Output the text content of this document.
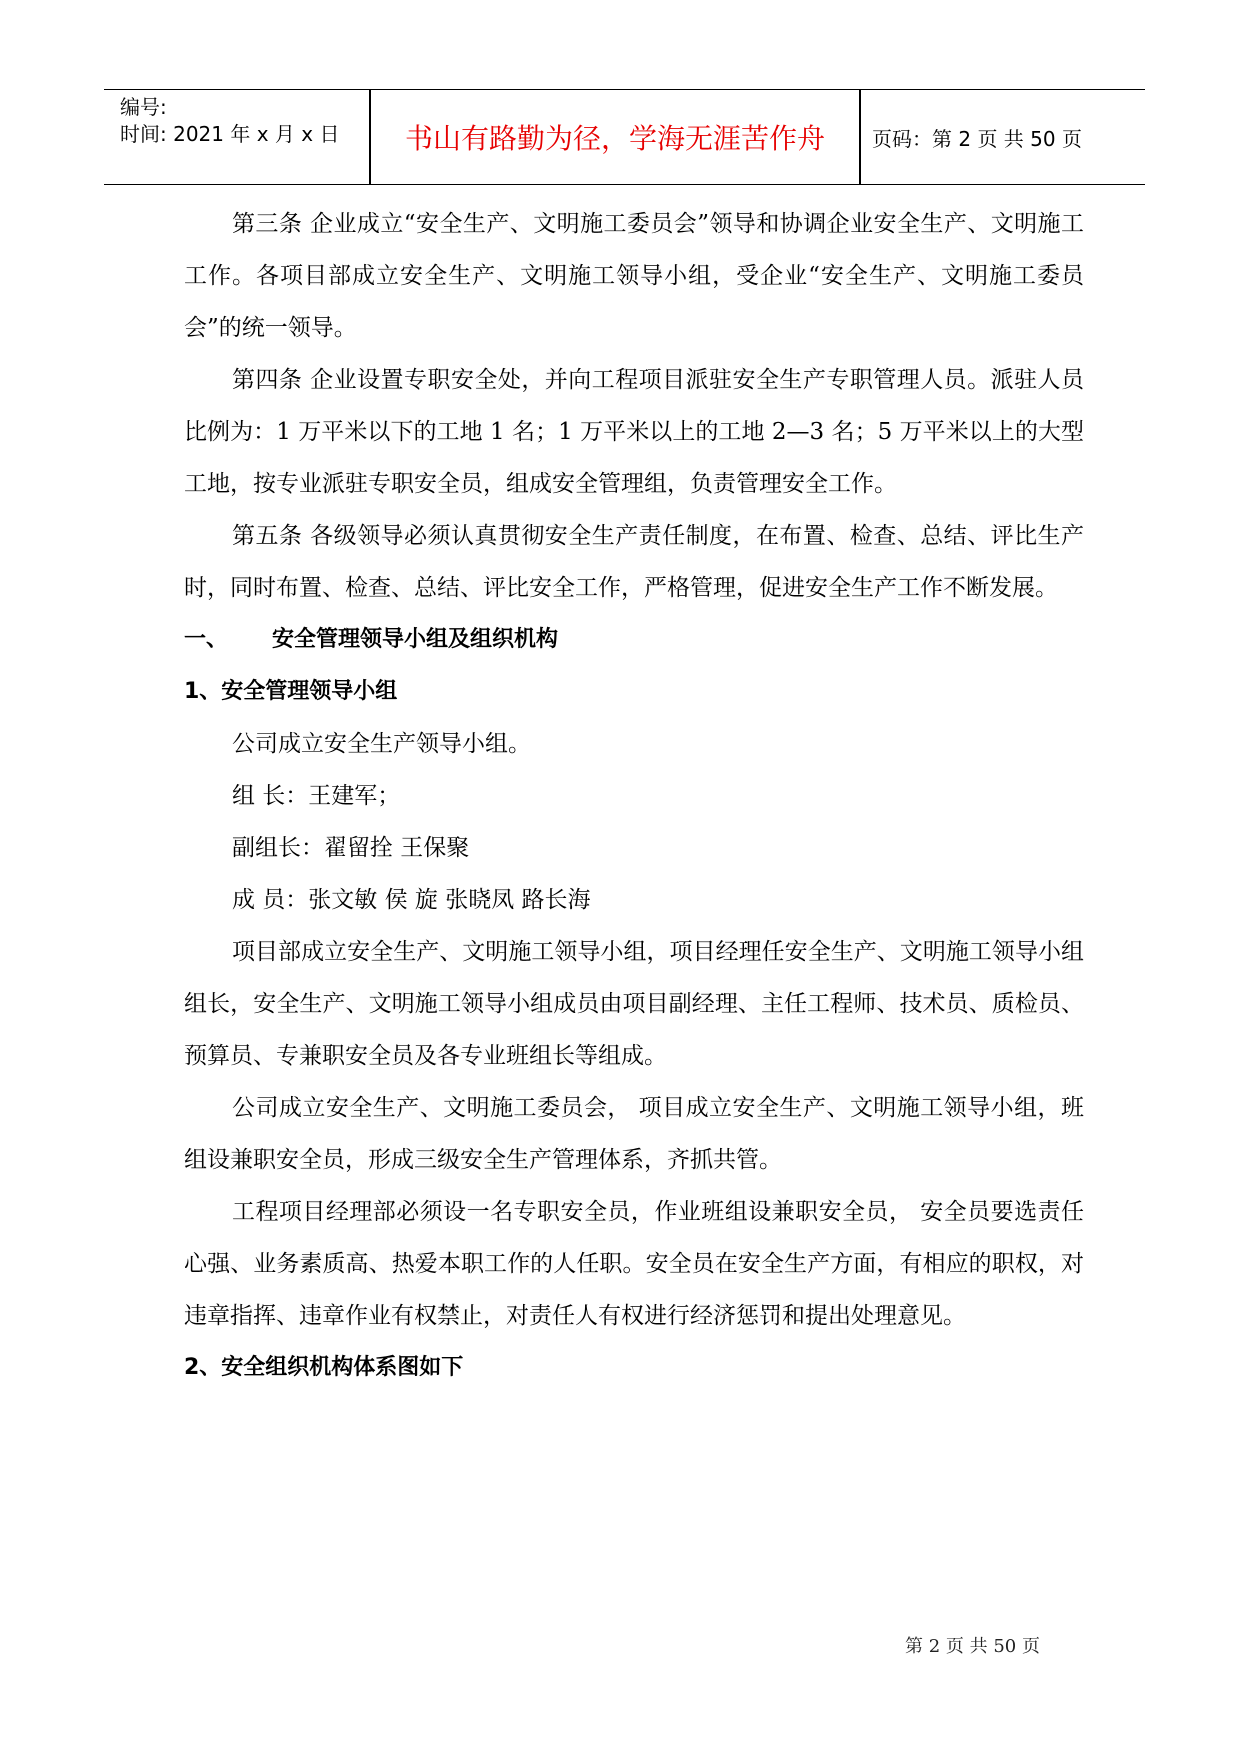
编号:
时间: 2021 年 x 月 x 日	书山有路勤为径，学海无涯苦作舟	页码：第 2 页 共 50 页

第三条 企业成立“安全生产、文明施工委员会”领导和协调企业安全生产、文明施工工作。各项目部成立安全生产、文明施工领导小组，受企业“安全生产、文明施工委员会”的统一领导。

第四条 企业设置专职安全处，并向工程项目派驻安全生产专职管理人员。派驻人员比例为：1 万平米以下的工地 1 名；1 万平米以上的工地 2—3 名；5 万平米以上的大型工地，按专业派驻专职安全员，组成安全管理组，负责管理安全工作。

第五条 各级领导必须认真贯彻安全生产责任制度，在布置、检查、总结、评比生产时，同时布置、检查、总结、评比安全工作，严格管理，促进安全生产工作不断发展。

一、 安全管理领导小组及组织机构

1、安全管理领导小组

公司成立安全生产领导小组。

组 长：王建军；

副组长：翟留拴 王保聚

成 员：张文敏 侯 旋 张晓凤 路长海

项目部成立安全生产、文明施工领导小组，项目经理任安全生产、文明施工领导小组组长，安全生产、文明施工领导小组成员由项目副经理、主任工程师、技术员、质检员、预算员、专兼职安全员及各专业班组长等组成。

公司成立安全生产、文明施工委员会， 项目成立安全生产、文明施工领导小组，班组设兼职安全员，形成三级安全生产管理体系，齐抓共管。

工程项目经理部必须设一名专职安全员，作业班组设兼职安全员， 安全员要选责任心强、业务素质高、热爱本职工作的人任职。安全员在安全生产方面，有相应的职权，对违章指挥、违章作业有权禁止，对责任人有权进行经济惩罚和提出处理意见。

2、安全组织机构体系图如下

第 2 页 共 50 页
